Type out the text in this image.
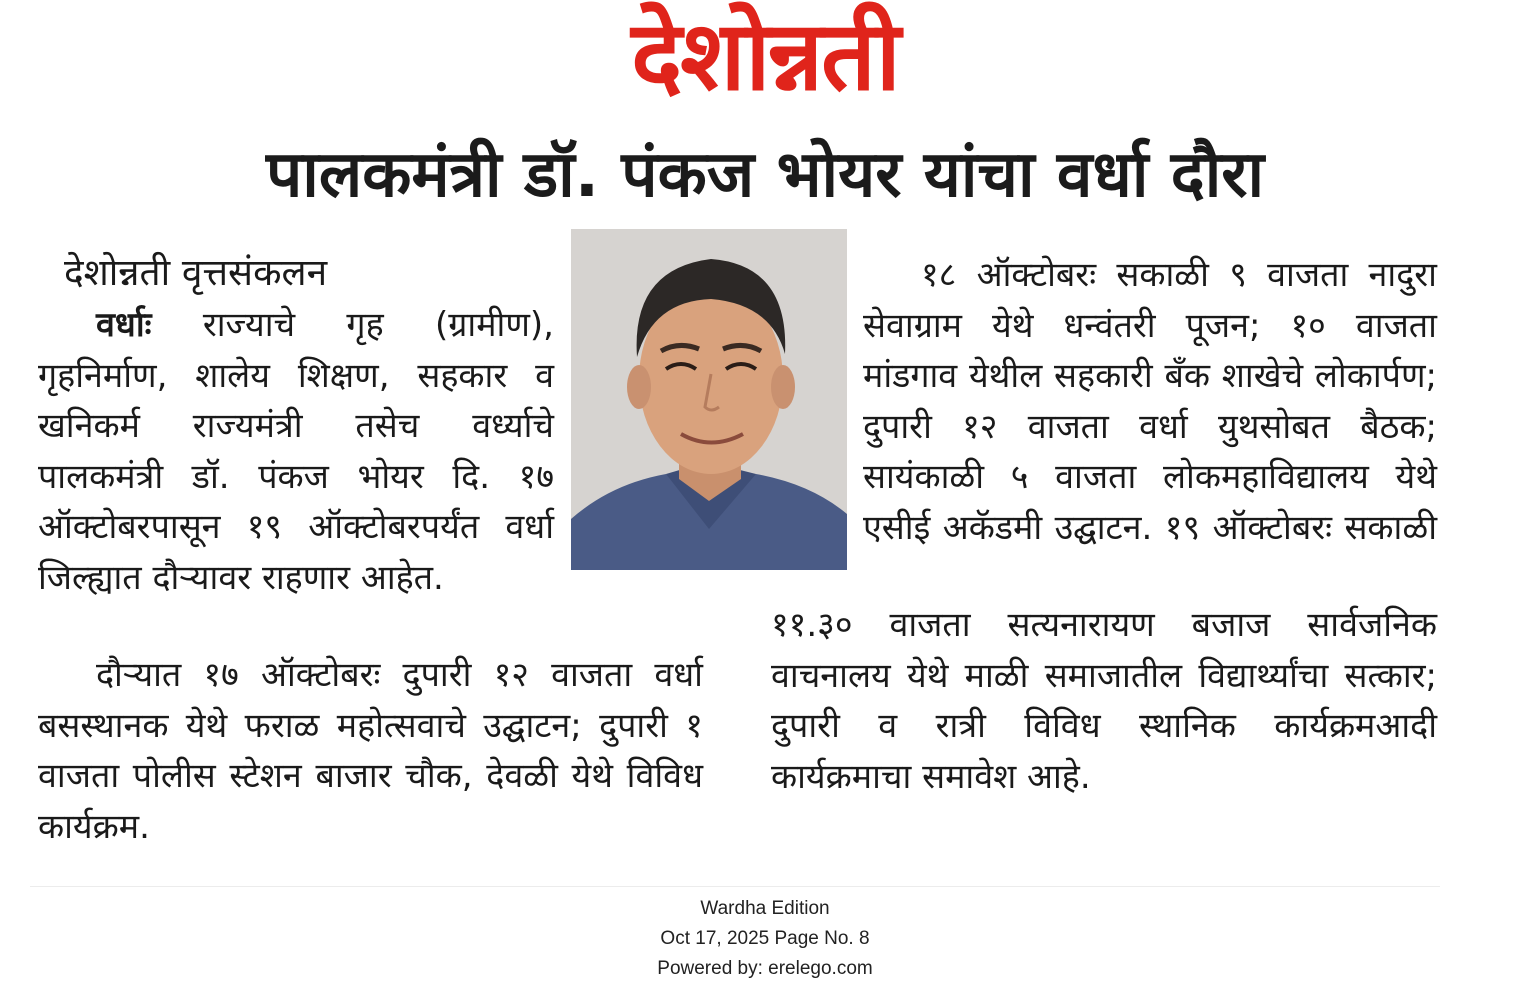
देशोन्नती
पालकमंत्री डॉ. पंकज भोयर यांचा वर्धा दौरा
देशोन्नती वृत्तसंकलन

वर्धाः राज्याचे गृह (ग्रामीण), गृहनिर्माण, शालेय शिक्षण, सहकार व खनिकर्म राज्यमंत्री तसेच वर्ध्याचे पालकमंत्री डॉ. पंकज भोयर दि. १७ ऑक्टोबरपासून १९ ऑक्टोबरपर्यंत वर्धा जिल्ह्यात दौऱ्यावर राहणार आहेत.

दौऱ्यात १७ ऑक्टोबरः दुपारी १२ वाजता वर्धा बसस्थानक येथे फराळ महोत्सवाचे उद्घाटन; दुपारी १ वाजता पोलीस स्टेशन बाजार चौक, देवळी येथे विविध कार्यक्रम.

१८ ऑक्टोबरः सकाळी ९ वाजता नादुरा सेवाग्राम येथे धन्वंतरी पूजन; १० वाजता मांडगाव येथील सहकारी बँक शाखेचे लोकार्पण; दुपारी १२ वाजता वर्धा युथसोबत बैठक; सायंकाळी ५ वाजता लोकमहाविद्यालय येथे एसीई अकॅडमी उद्घाटन. १९ ऑक्टोबरः सकाळी

११.३० वाजता सत्यनारायण बजाज सार्वजनिक वाचनालय येथे माळी समाजातील विद्यार्थ्यांचा सत्कार; दुपारी व रात्री विविध स्थानिक कार्यक्रमआदी कार्यक्रमाचा समावेश आहे.

Wardha Edition
Oct 17, 2025 Page No. 8
Powered by: erelego.com
